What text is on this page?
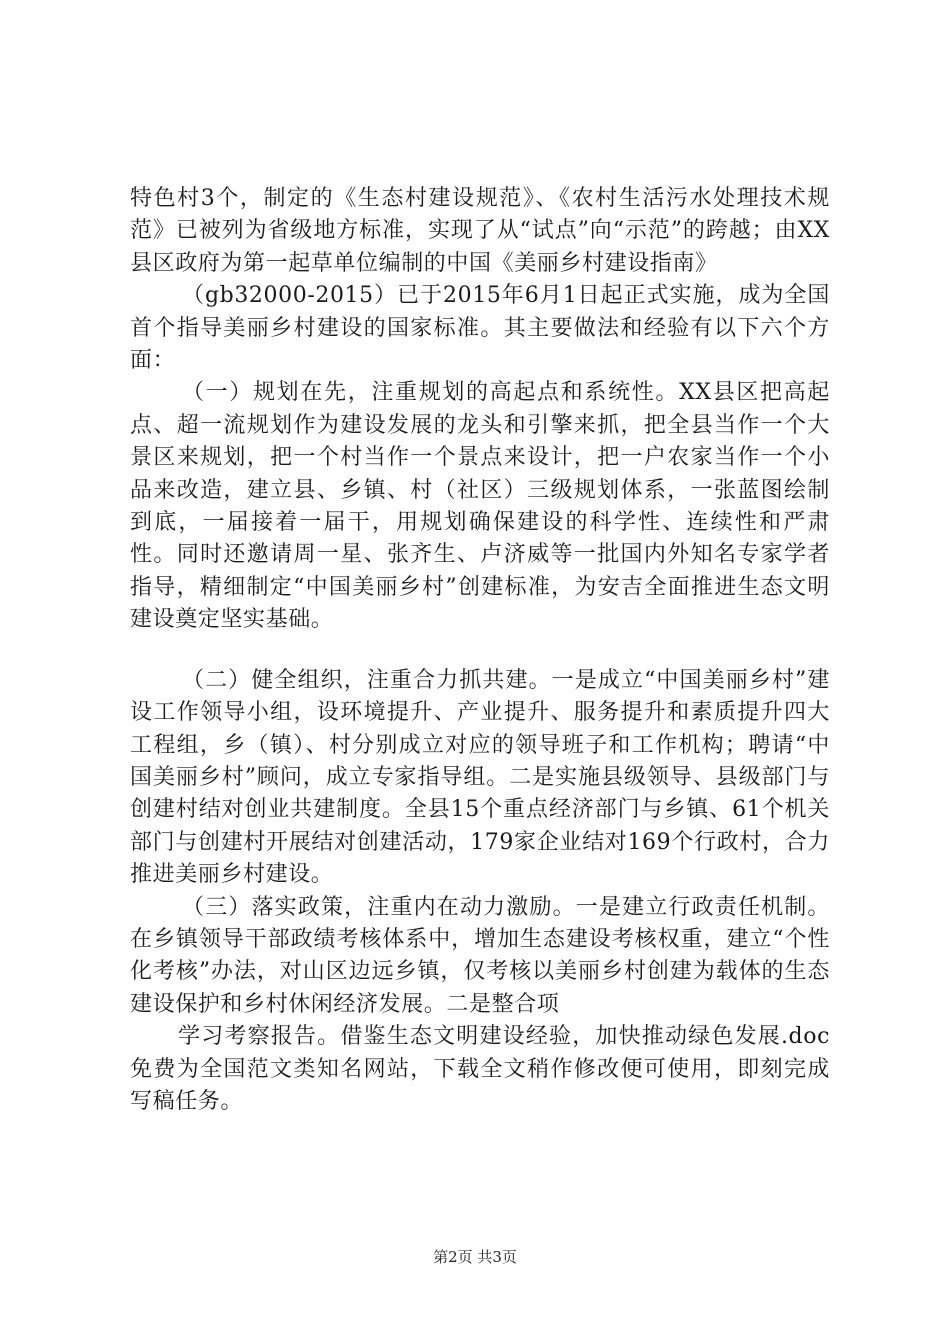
特色村3个，制定的《生态村建设规范》、《农村生活污水处理技术规范》已被列为省级地方标准，实现了从“试点”向“示范”的跨越；由XX县区政府为第一起草单位编制的中国《美丽乡村建设指南》

（gb32000-2015）已于2015年6月1日起正式实施，成为全国首个指导美丽乡村建设的国家标准。其主要做法和经验有以下六个方面：

（一）规划在先，注重规划的高起点和系统性。XX县区把高起点、超一流规划作为建设发展的龙头和引擎来抓，把全县当作一个大景区来规划，把一个村当作一个景点来设计，把一户农家当作一个小品来改造，建立县、乡镇、村（社区）三级规划体系，一张蓝图绘制到底，一届接着一届干，用规划确保建设的科学性、连续性和严肃性。同时还邀请周一星、张齐生、卢济威等一批国内外知名专家学者指导，精细制定“中国美丽乡村”创建标准，为安吉全面推进生态文明建设奠定坚实基础。

（二）健全组织，注重合力抓共建。一是成立“中国美丽乡村”建设工作领导小组，设环境提升、产业提升、服务提升和素质提升四大工程组，乡（镇）、村分别成立对应的领导班子和工作机构；聘请“中国美丽乡村”顾问，成立专家指导组。二是实施县级领导、县级部门与创建村结对创业共建制度。全县15个重点经济部门与乡镇、61个机关部门与创建村开展结对创建活动，179家企业结对169个行政村，合力推进美丽乡村建设。

（三）落实政策，注重内在动力激励。一是建立行政责任机制。在乡镇领导干部政绩考核体系中，增加生态建设考核权重，建立“个性化考核”办法，对山区边远乡镇，仅考核以美丽乡村创建为载体的生态建设保护和乡村休闲经济发展。二是整合项

学习考察报告。借鉴生态文明建设经验，加快推动绿色发展.doc免费为全国范文类知名网站，下载全文稍作修改便可使用，即刻完成写稿任务。

第2页 共3页
